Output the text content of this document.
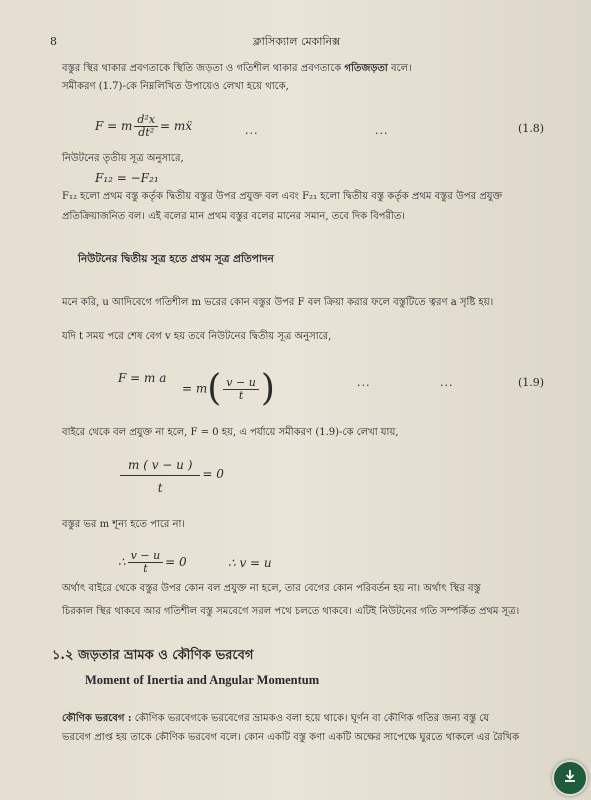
8	ক্লাসিক্যাল মেকানিক্স
বস্তুর স্থির থাকার প্রবণতাকে স্থিতি জড়তা ও গতিশীল থাকার প্রবণতাকে গতিজড়তা বলে।
সমীকরণ (1.7)-কে নিম্নলিখিত উপায়েও লেখা হয়ে থাকে,
F = m $\frac{\text{d²x}}{\text{dt²}}$ = mẍ	...	...	(1.8)
নিউটনের তৃতীয় সূত্র অনুসারে,
F₁₂ = −F₂₁
F₁₂ হলো প্রথম বস্তু কর্তৃক দ্বিতীয় বস্তুর উপর প্রযুক্ত বল এবং F₂₁ হলো দ্বিতীয় বস্তু কর্তৃক প্রথম বস্তুর উপর প্রযুক্ত
প্রতিক্রিয়াজনিত বল। এই বলের মান প্রথম বস্তুর বলের মানের সমান, তবে দিক বিপরীত।
নিউটনের দ্বিতীয় সূত্র হতে প্রথম সূত্র প্রতিপাদন
মনে করি, u আদিবেগে গতিশীল m ভরের কোন বস্তুর উপর F বল ক্রিয়া করার ফলে বস্তুটিতে ত্বরণ a সৃষ্টি হয়।
যদি t সময় পরে শেষ বেগ v হয় তবে নিউটনের দ্বিতীয় সূত্র অনুসারে,
F = m a
= $m( \frac{v - u}{t}$ )	...	...	(1.9)
বাইরে থেকে বল প্রযুক্ত না হলে, F = 0 হয়, এ পর্যায়ে সমীকরণ (1.9)-কে লেখা যায়,
$\frac{m ( v - u )}{t} = 0$
বস্তুর ভর m শূন্য হতে পারে না।
∴ $\frac{v - u}{t} = 0$	∴ v = u
অর্থাৎ বাইরে থেকে বস্তুর উপর কোন বল প্রযুক্ত না হলে, তার বেগের কোন পরিবর্তন হয় না। অর্থাৎ স্থির বস্তু
চিরকাল স্থির থাকবে আর গতিশীল বস্তু সমবেগে সরল পথে চলতে থাকবে। এটিই নিউটনের গতি সম্পর্কিত প্রথম সূত্র।
১.২ জড়তার ভ্রামক ও কৌণিক ভরবেগ
Moment of Inertia and Angular Momentum
কৌণিক ভরবেগ : কৌণিক ভরবেগকে ভরবেগের ভ্রামকও বলা হয়ে থাকে। ঘূর্ণন বা কৌণিক গতির জন্য বস্তু যে
ভরবেগ প্রাপ্ত হয় তাকে কৌণিক ভরবেগ বলে। কোন একটি বস্তু কণা একটি অক্ষের সাপেক্ষে ঘুরতে থাকলে এর রৈখিক
